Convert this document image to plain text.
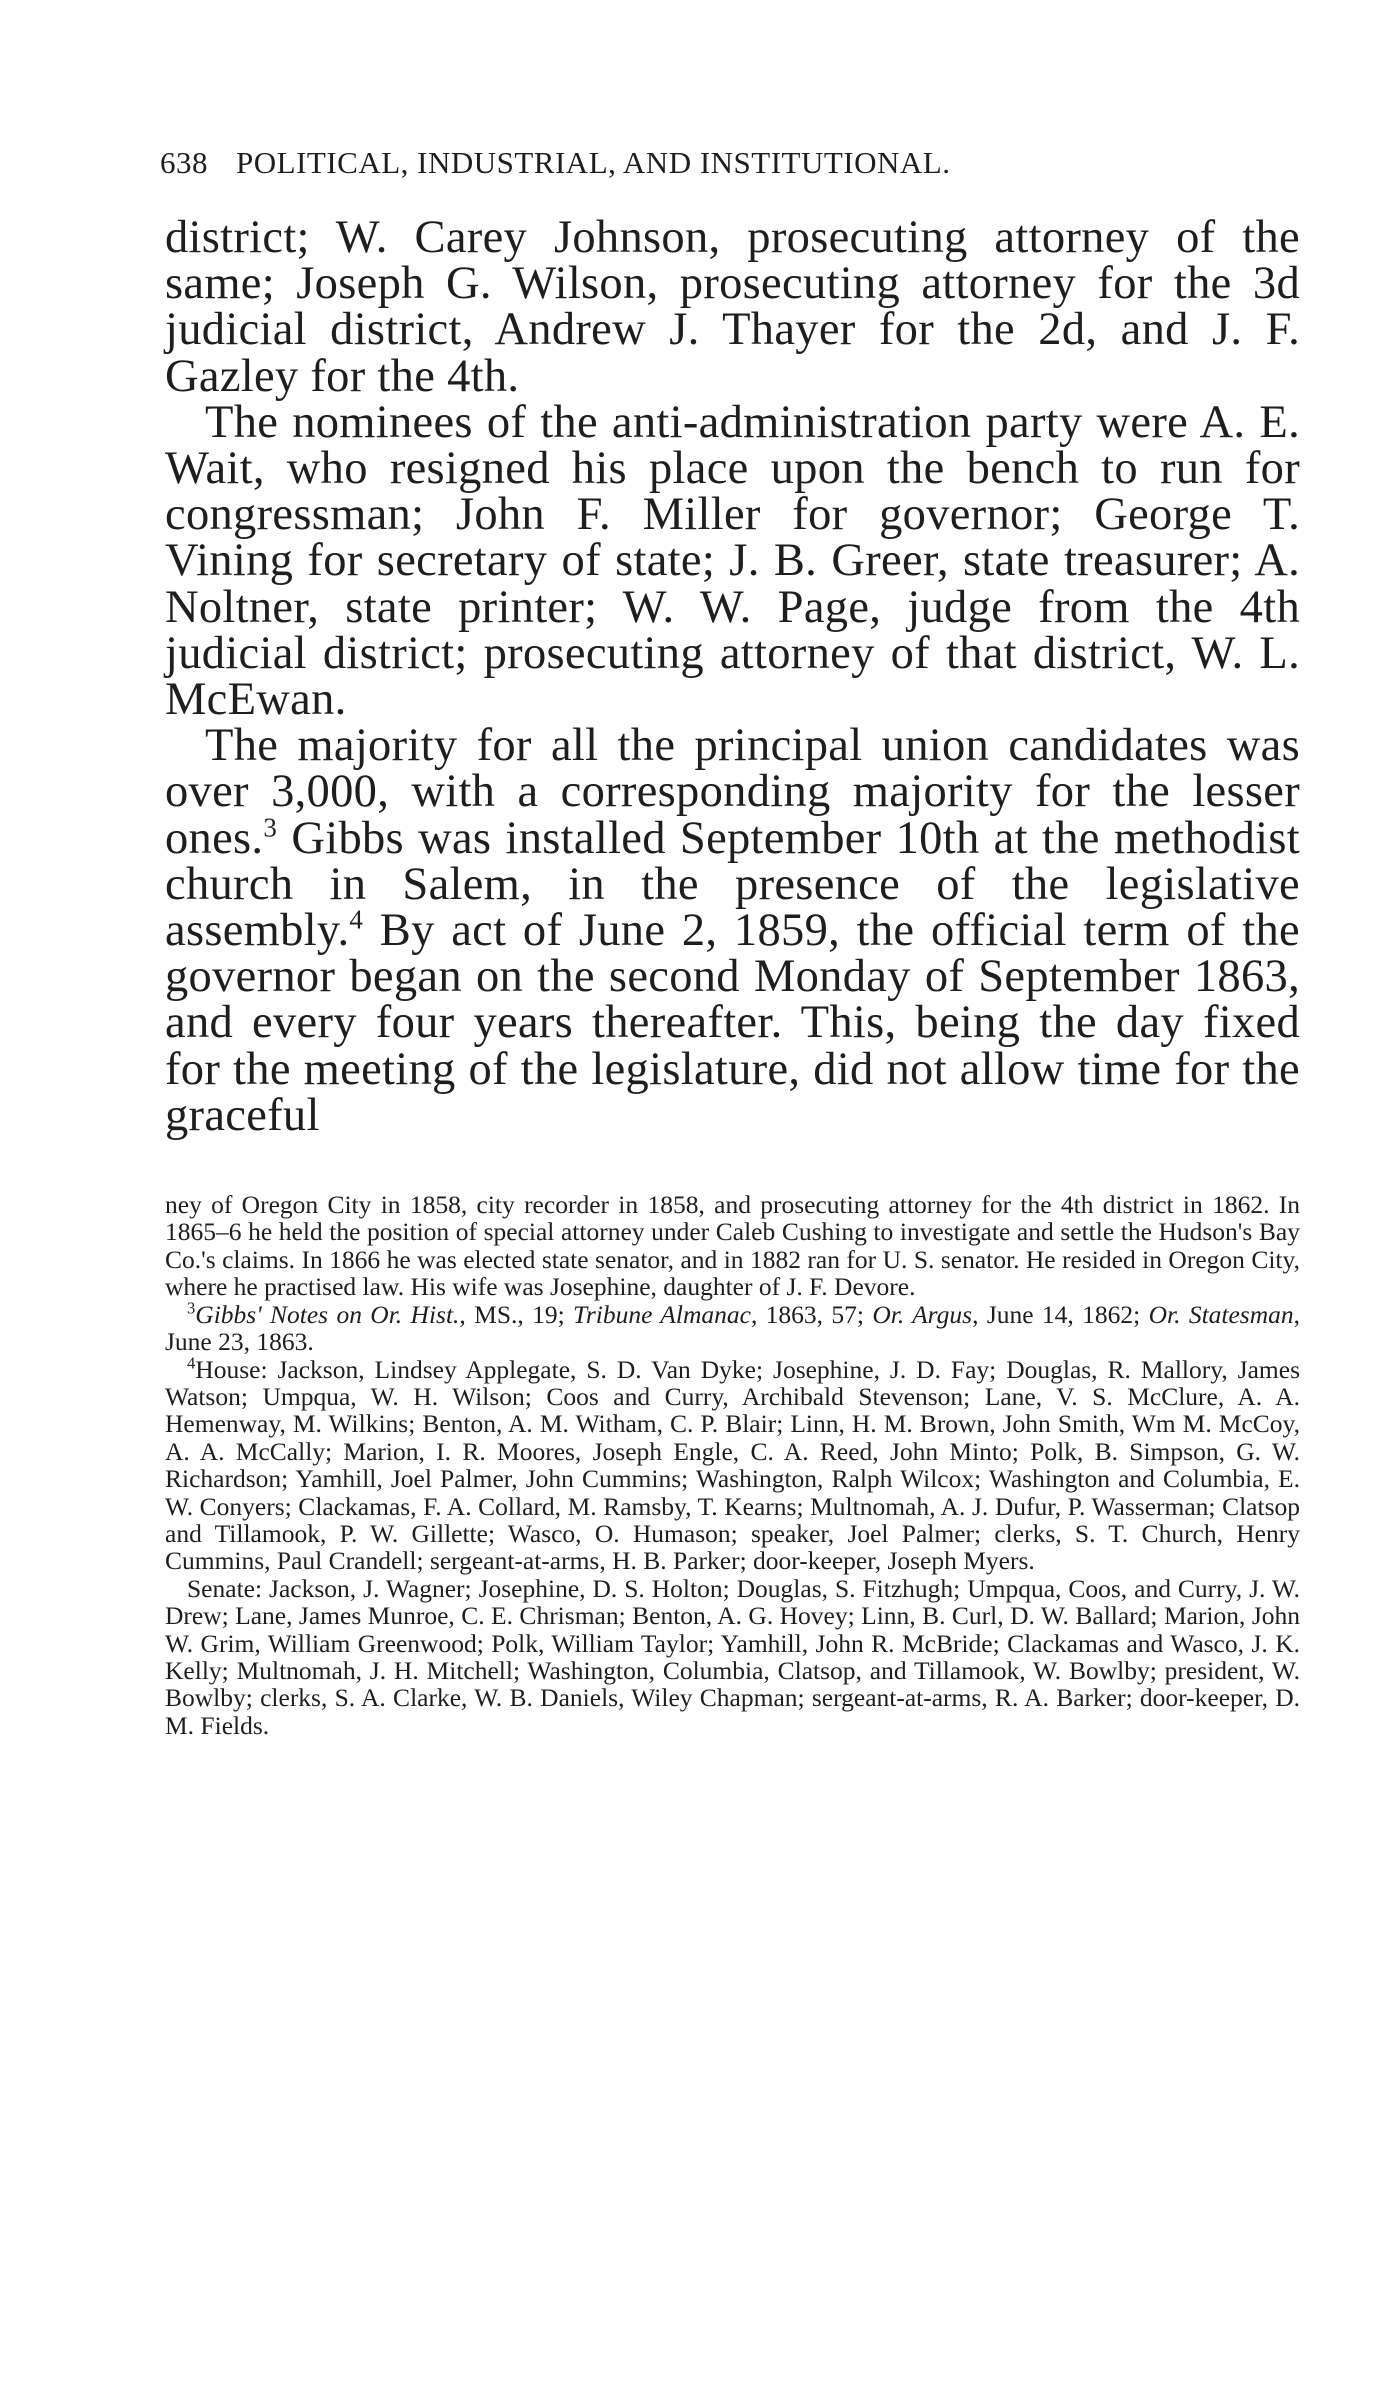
638 POLITICAL, INDUSTRIAL, AND INSTITUTIONAL.

district; W. Carey Johnson, prosecuting attorney of the same; Joseph G. Wilson, prosecuting attorney for the 3d judicial district, Andrew J. Thayer for the 2d, and J. F. Gazley for the 4th.

The nominees of the anti-administration party were A. E. Wait, who resigned his place upon the bench to run for congressman; John F. Miller for governor; George T. Vining for secretary of state; J. B. Greer, state treasurer; A. Noltner, state printer; W. W. Page, judge from the 4th judicial district; prosecuting attorney of that district, W. L. McEwan.

The majority for all the principal union candidates was over 3,000, with a corresponding majority for the lesser ones.$^3$ Gibbs was installed September 10th at the methodist church in Salem, in the presence of the legislative assembly.$^4$ By act of June 2, 1859, the official term of the governor began on the second Monday of September 1863, and every four years thereafter. This, being the day fixed for the meeting of the legislature, did not allow time for the graceful

ney of Oregon City in 1858, city recorder in 1858, and prosecuting attorney for the 4th district in 1862. In 1865–6 he held the position of special attorney under Caleb Cushing to investigate and settle the Hudson's Bay Co.'s claims. In 1866 he was elected state senator, and in 1882 ran for U. S. senator. He resided in Oregon City, where he practised law. His wife was Josephine, daughter of J. F. Devore.

$^3$Gibbs' Notes on Or. Hist., MS., 19; Tribune Almanac, 1863, 57; Or. Argus, June 14, 1862; Or. Statesman, June 23, 1863.

$^4$House: Jackson, Lindsey Applegate, S. D. Van Dyke; Josephine, J. D. Fay; Douglas, R. Mallory, James Watson; Umpqua, W. H. Wilson; Coos and Curry, Archibald Stevenson; Lane, V. S. McClure, A. A. Hemenway, M. Wilkins; Benton, A. M. Witham, C. P. Blair; Linn, H. M. Brown, John Smith, Wm M. McCoy, A. A. McCally; Marion, I. R. Moores, Joseph Engle, C. A. Reed, John Minto; Polk, B. Simpson, G. W. Richardson; Yamhill, Joel Palmer, John Cummins; Washington, Ralph Wilcox; Washington and Columbia, E. W. Conyers; Clackamas, F. A. Collard, M. Ramsby, T. Kearns; Multnomah, A. J. Dufur, P. Wasserman; Clatsop and Tillamook, P. W. Gillette; Wasco, O. Humason; speaker, Joel Palmer; clerks, S. T. Church, Henry Cummins, Paul Crandell; sergeant-at-arms, H. B. Parker; door-keeper, Joseph Myers.

Senate: Jackson, J. Wagner; Josephine, D. S. Holton; Douglas, S. Fitzhugh; Umpqua, Coos, and Curry, J. W. Drew; Lane, James Munroe, C. E. Chrisman; Benton, A. G. Hovey; Linn, B. Curl, D. W. Ballard; Marion, John W. Grim, William Greenwood; Polk, William Taylor; Yamhill, John R. McBride; Clackamas and Wasco, J. K. Kelly; Multnomah, J. H. Mitchell; Washington, Columbia, Clatsop, and Tillamook, W. Bowlby; president, W. Bowlby; clerks, S. A. Clarke, W. B. Daniels, Wiley Chapman; sergeant-at-arms, R. A. Barker; door-keeper, D. M. Fields.
